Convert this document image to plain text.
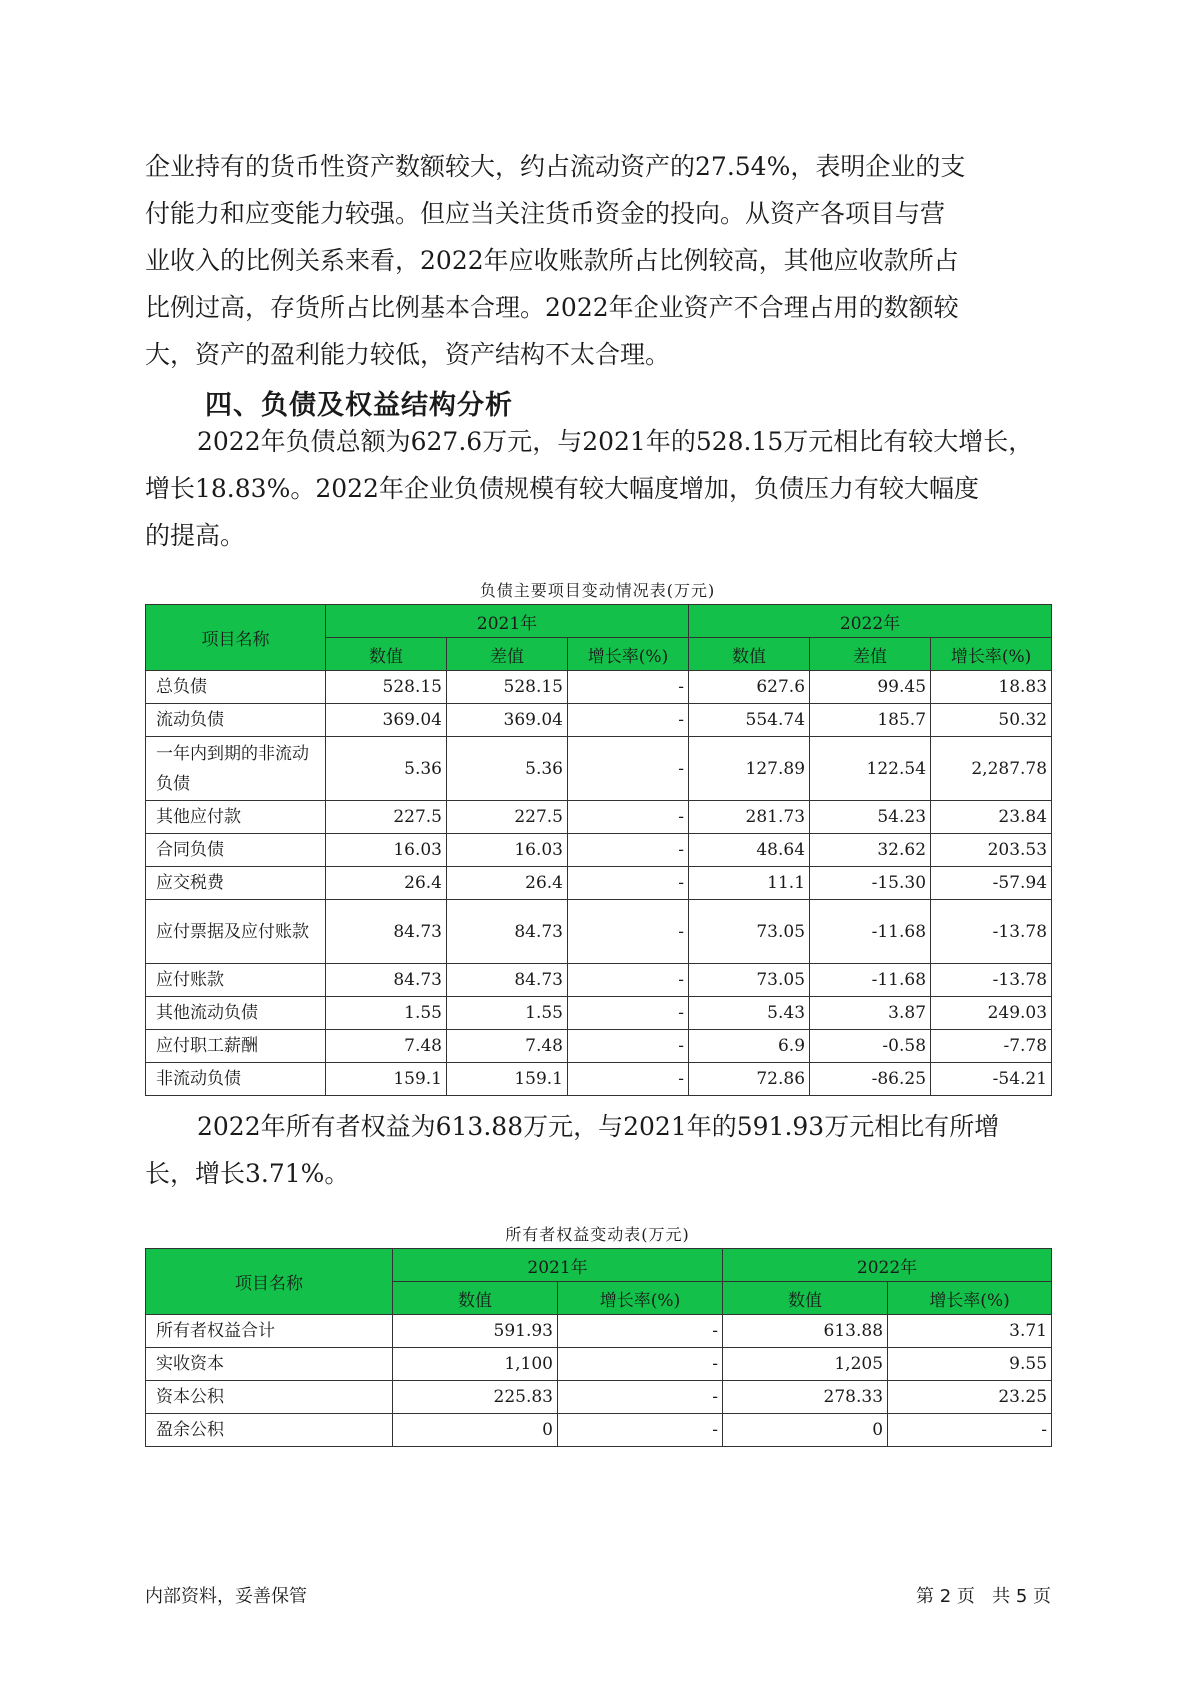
企业持有的货币性资产数额较大，约占流动资产的27.54%，表明企业的支
付能力和应变能力较强。但应当关注货币资金的投向。从资产各项目与营
业收入的比例关系来看，2022年应收账款所占比例较高，其他应收款所占
比例过高，存货所占比例基本合理。2022年企业资产不合理占用的数额较
大，资产的盈利能力较低，资产结构不太合理。

四、负债及权益结构分析

2022年负债总额为627.6万元，与2021年的528.15万元相比有较大增长，
增长18.83%。2022年企业负债规模有较大幅度增加，负债压力有较大幅度
的提高。

负债主要项目变动情况表(万元)
项目名称	2021年			2022年		
	数值	差值	增长率(%)	数值	差值	增长率(%)
总负债	528.15	528.15	-	627.6	99.45	18.83
流动负债	369.04	369.04	-	554.74	185.7	50.32
一年内到期的非流动负债	5.36	5.36	-	127.89	122.54	2,287.78
其他应付款	227.5	227.5	-	281.73	54.23	23.84
合同负债	16.03	16.03	-	48.64	32.62	203.53
应交税费	26.4	26.4	-	11.1	-15.30	-57.94
应付票据及应付账款	84.73	84.73	-	73.05	-11.68	-13.78
应付账款	84.73	84.73	-	73.05	-11.68	-13.78
其他流动负债	1.55	1.55	-	5.43	3.87	249.03
应付职工薪酬	7.48	7.48	-	6.9	-0.58	-7.78
非流动负债	159.1	159.1	-	72.86	-86.25	-54.21

2022年所有者权益为613.88万元，与2021年的591.93万元相比有所增
长，增长3.71%。

所有者权益变动表(万元)
项目名称	2021年		2022年	
	数值	增长率(%)	数值	增长率(%)
所有者权益合计	591.93	-	613.88	3.71
实收资本	1,100	-	1,205	9.55
资本公积	225.83	-	278.33	23.25
盈余公积	0	-	0	-
内部资料，妥善保管	第 2 页   共 5 页
